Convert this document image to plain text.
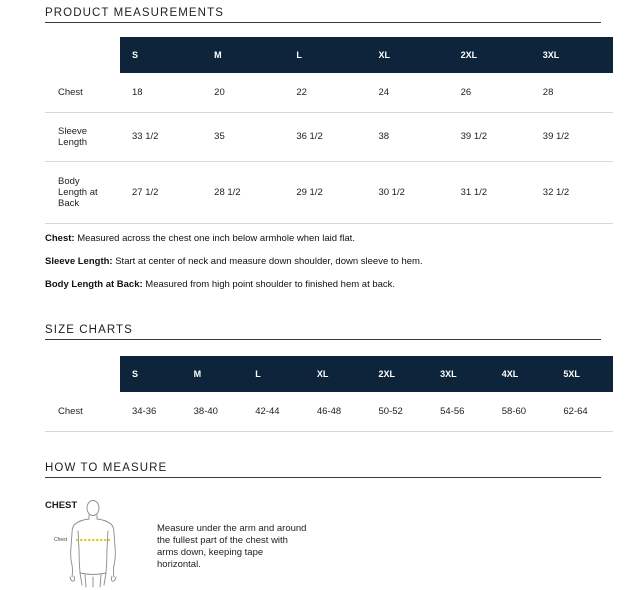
PRODUCT MEASUREMENTS
	S	M	L	XL	2XL	3XL
Chest	18	20	22	24	26	28
Sleeve Length	33 1/2	35	36 1/2	38	39 1/2	39 1/2
Body Length at Back	27 1/2	28 1/2	29 1/2	30 1/2	31 1/2	32 1/2

Chest: Measured across the chest one inch below armhole when laid flat.

Sleeve Length: Start at center of neck and measure down shoulder, down sleeve to hem.

Body Length at Back: Measured from high point shoulder to finished hem at back.

SIZE CHARTS
	S	M	L	XL	2XL	3XL	4XL	5XL
Chest	34-36	38-40	42-44	46-48	50-52	54-56	58-60	62-64
HOW TO MEASURE
Chest
CHEST
Measure under the arm and around the fullest part of the chest with arms down, keeping tape horizontal.
